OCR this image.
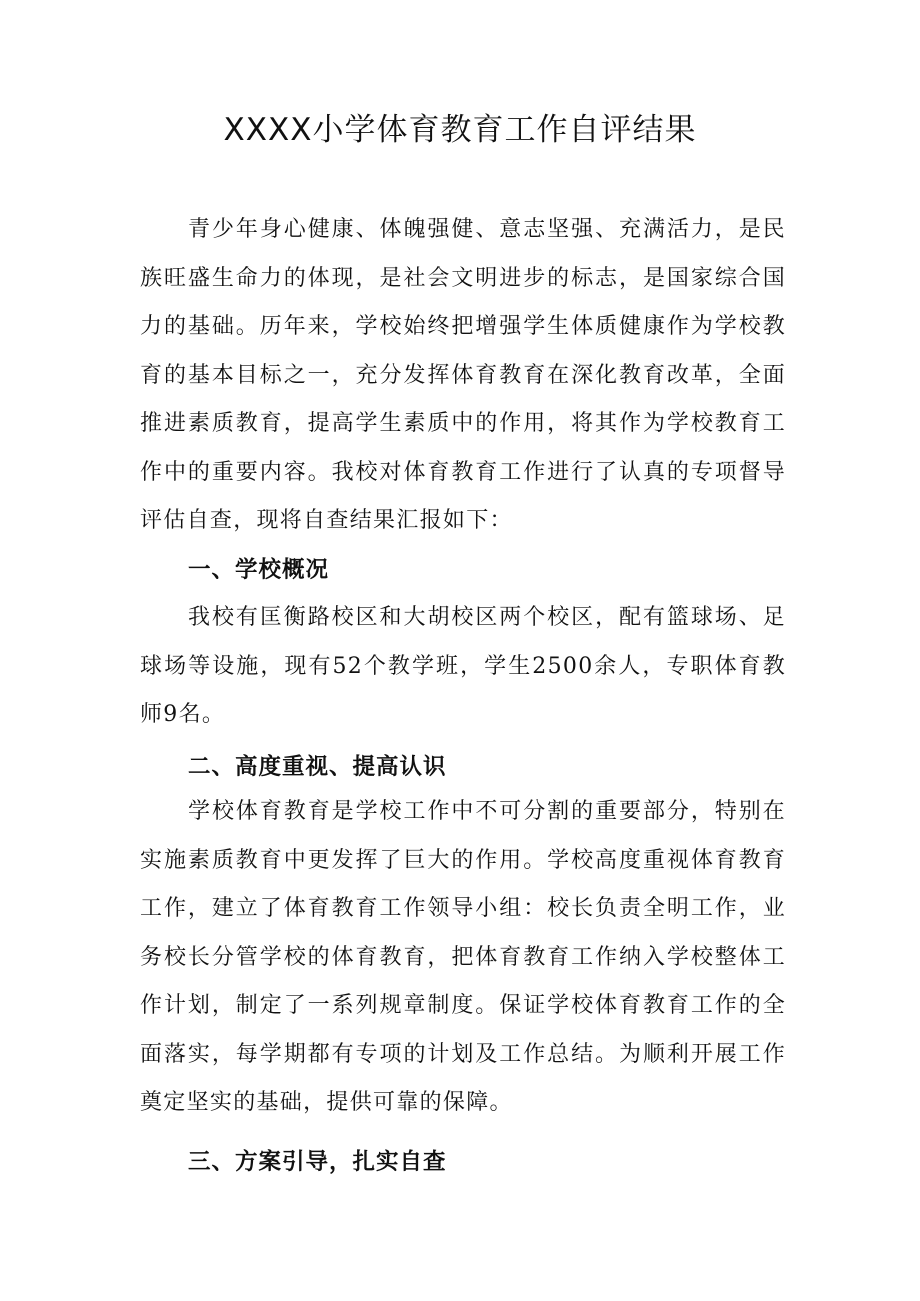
XXXX小学体育教育工作自评结果

青少年身心健康、体魄强健、意志坚强、充满活力，是民族旺盛生命力的体现，是社会文明进步的标志，是国家综合国力的基础。历年来，学校始终把增强学生体质健康作为学校教育的基本目标之一，充分发挥体育教育在深化教育改革，全面推进素质教育，提高学生素质中的作用，将其作为学校教育工作中的重要内容。我校对体育教育工作进行了认真的专项督导评估自查，现将自查结果汇报如下：

一、学校概况

我校有匡衡路校区和大胡校区两个校区，配有篮球场、足球场等设施，现有52个教学班，学生2500余人，专职体育教师9名。

二、高度重视、提高认识

学校体育教育是学校工作中不可分割的重要部分，特别在实施素质教育中更发挥了巨大的作用。学校高度重视体育教育工作，建立了体育教育工作领导小组：校长负责全明工作，业务校长分管学校的体育教育，把体育教育工作纳入学校整体工作计划，制定了一系列规章制度。保证学校体育教育工作的全面落实，每学期都有专项的计划及工作总结。为顺利开展工作奠定坚实的基础，提供可靠的保障。

三、方案引导，扎实自查
